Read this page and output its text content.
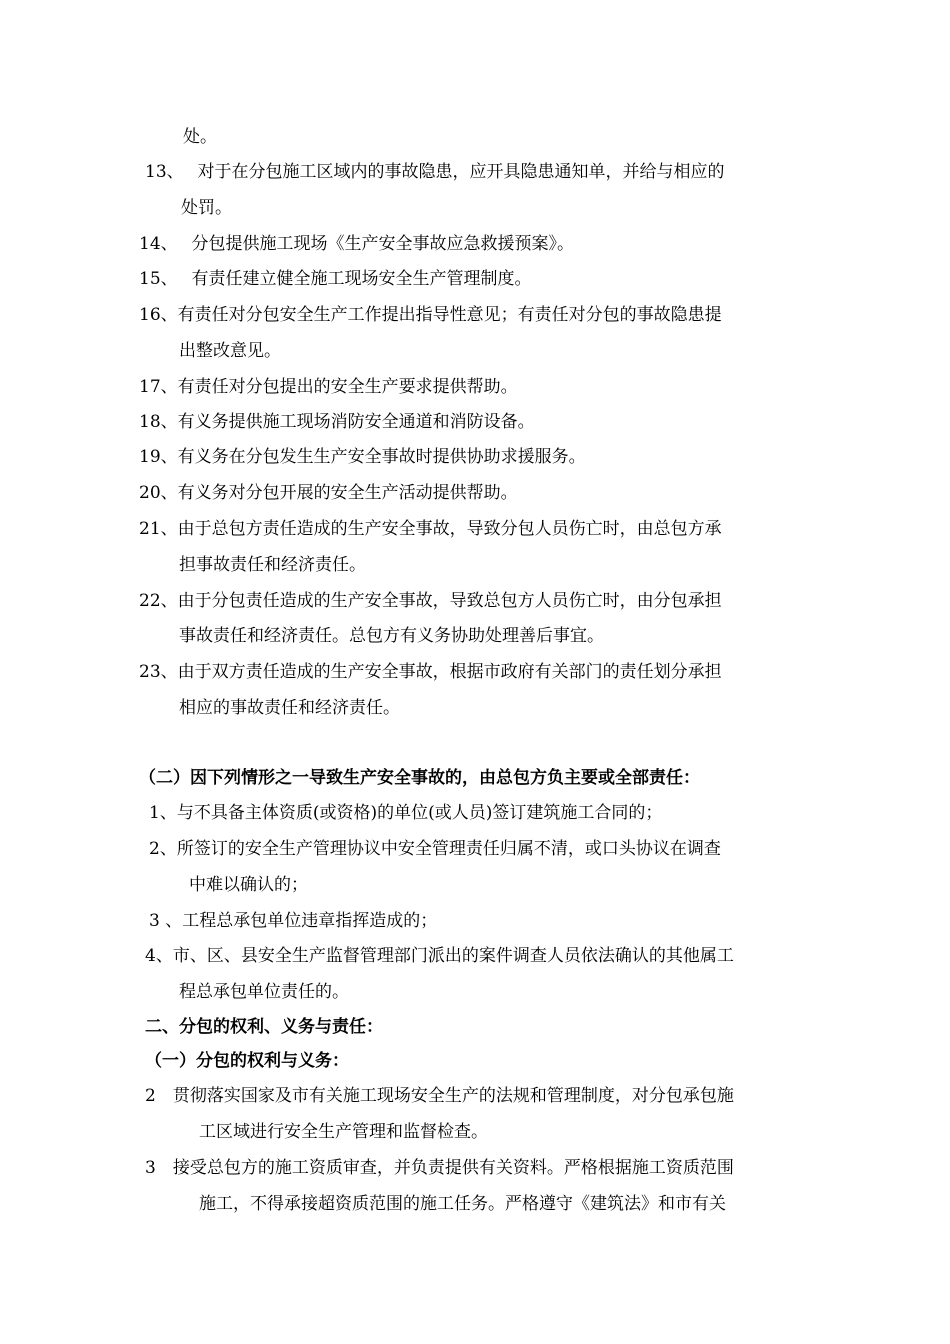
处。
13、　 对于在分包施工区域内的事故隐患，应开具隐患通知单，并给与相应的
处罚。
14、　 分包提供施工现场《生产安全事故应急救援预案》。
15、　 有责任建立健全施工现场安全生产管理制度。
16、有责任对分包安全生产工作提出指导性意见；有责任对分包的事故隐患提
出整改意见。
17、有责任对分包提出的安全生产要求提供帮助。
18、有义务提供施工现场消防安全通道和消防设备。
19、有义务在分包发生生产安全事故时提供协助求援服务。
20、有义务对分包开展的安全生产活动提供帮助。
21、由于总包方责任造成的生产安全事故，导致分包人员伤亡时，由总包方承
担事故责任和经济责任。
22、由于分包责任造成的生产安全事故，导致总包方人员伤亡时，由分包承担
事故责任和经济责任。总包方有义务协助处理善后事宜。
23、由于双方责任造成的生产安全事故，根据市政府有关部门的责任划分承担
相应的事故责任和经济责任。
（二）因下列情形之一导致生产安全事故的，由总包方负主要或全部责任：
1、与不具备主体资质(或资格)的单位(或人员)签订建筑施工合同的；
2、所签订的安全生产管理协议中安全管理责任归属不清，或口头协议在调查
中难以确认的；
3 、工程总承包单位违章指挥造成的；
4、市、区、县安全生产监督管理部门派出的案件调查人员依法确认的其他属工
程总承包单位责任的。
二、分包的权利、义务与责任：
（一）分包的权利与义务：
2　贯彻落实国家及市有关施工现场安全生产的法规和管理制度，对分包承包施
工区域进行安全生产管理和监督检查。
3　接受总包方的施工资质审查，并负责提供有关资料。严格根据施工资质范围
施工，不得承接超资质范围的施工任务。严格遵守《建筑法》和市有关
